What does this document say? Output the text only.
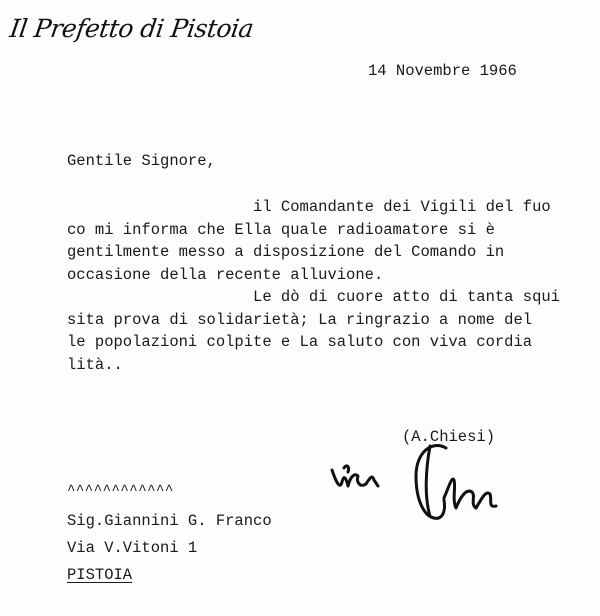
Il Prefetto di Pistoia
14 Novembre 1966
Gentile Signore,
il Comandante dei Vigili del fuo
co mi informa che Ella quale radioamatore si è
gentilmente messo a disposizione del Comando in
occasione della recente alluvione.
Le dò di cuore atto di tanta squi
sita prova di solidarietà; La ringrazio a nome del
le popolazioni colpite e La saluto con viva cordia
lità..
(A.Chiesi)
^^^^^^^^^^^^
Sig.Giannini G. Franco
Via V.Vitoni 1
PISTOIA
